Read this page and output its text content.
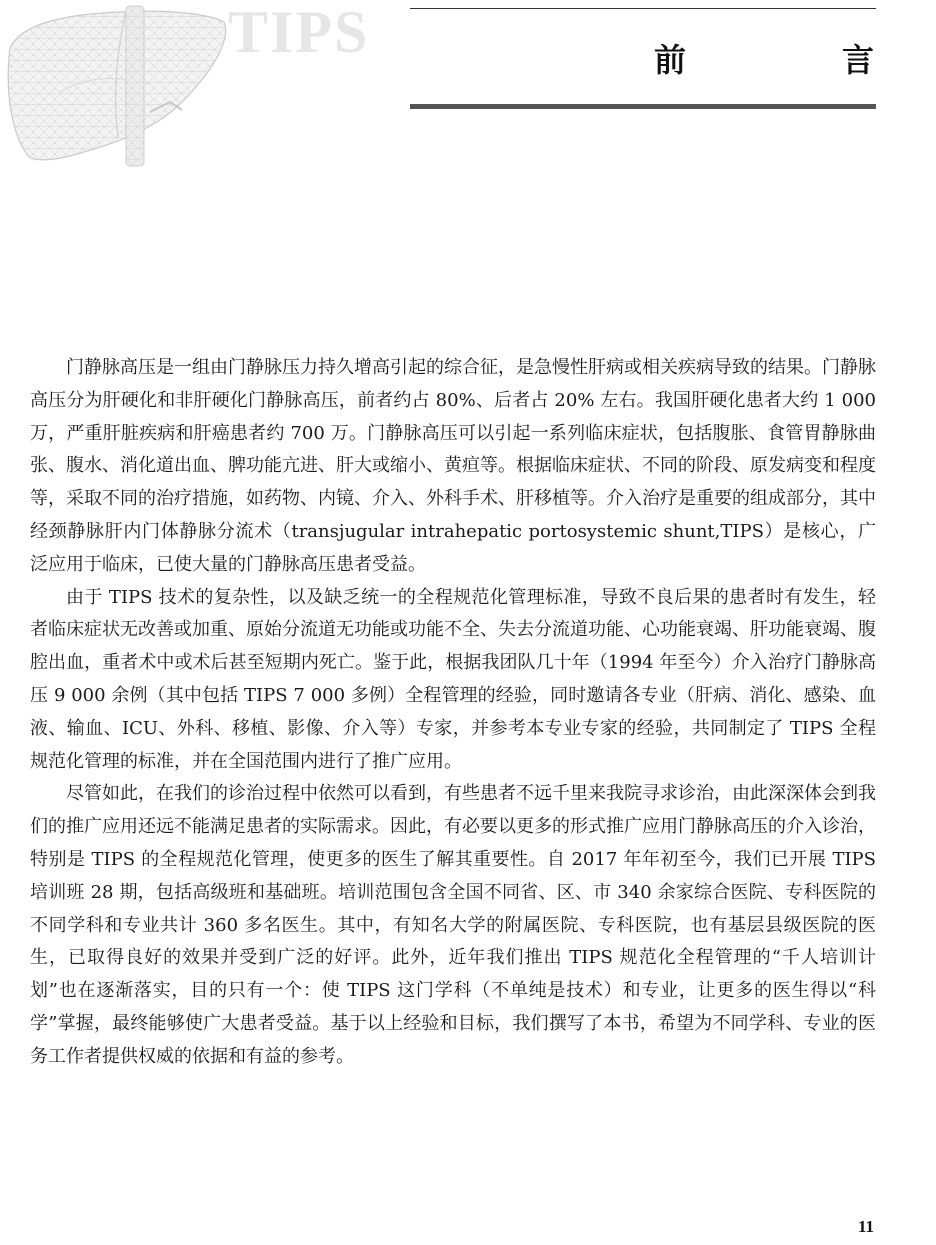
TIPS	前　言

门静脉高压是一组由门静脉压力持久增高引起的综合征，是急慢性肝病或相关疾病导致的结果。门静脉高压分为肝硬化和非肝硬化门静脉高压，前者约占 80%、后者占 20% 左右。我国肝硬化患者大约 1 000 万，严重肝脏疾病和肝癌患者约 700 万。门静脉高压可以引起一系列临床症状，包括腹胀、食管胃静脉曲张、腹水、消化道出血、脾功能亢进、肝大或缩小、黄疸等。根据临床症状、不同的阶段、原发病变和程度等，采取不同的治疗措施，如药物、内镜、介入、外科手术、肝移植等。介入治疗是重要的组成部分，其中经颈静脉肝内门体静脉分流术（transjugular intrahepatic portosystemic shunt,TIPS）是核心，广泛应用于临床，已使大量的门静脉高压患者受益。

由于 TIPS 技术的复杂性，以及缺乏统一的全程规范化管理标准，导致不良后果的患者时有发生，轻者临床症状无改善或加重、原始分流道无功能或功能不全、失去分流道功能、心功能衰竭、肝功能衰竭、腹腔出血，重者术中或术后甚至短期内死亡。鉴于此，根据我团队几十年（1994 年至今）介入治疗门静脉高压 9 000 余例（其中包括 TIPS 7 000 多例）全程管理的经验，同时邀请各专业（肝病、消化、感染、血液、输血、ICU、外科、移植、影像、介入等）专家，并参考本专业专家的经验，共同制定了 TIPS 全程规范化管理的标准，并在全国范围内进行了推广应用。

尽管如此，在我们的诊治过程中依然可以看到，有些患者不远千里来我院寻求诊治，由此深深体会到我们的推广应用还远不能满足患者的实际需求。因此，有必要以更多的形式推广应用门静脉高压的介入诊治，特别是 TIPS 的全程规范化管理，使更多的医生了解其重要性。自 2017 年年初至今，我们已开展 TIPS 培训班 28 期，包括高级班和基础班。培训范围包含全国不同省、区、市 340 余家综合医院、专科医院的不同学科和专业共计 360 多名医生。其中，有知名大学的附属医院、专科医院，也有基层县级医院的医生，已取得良好的效果并受到广泛的好评。此外，近年我们推出 TIPS 规范化全程管理的“千人培训计划”也在逐渐落实，目的只有一个：使 TIPS 这门学科（不单纯是技术）和专业，让更多的医生得以“科学”掌握，最终能够使广大患者受益。基于以上经验和目标，我们撰写了本书，希望为不同学科、专业的医务工作者提供权威的依据和有益的参考。

11
